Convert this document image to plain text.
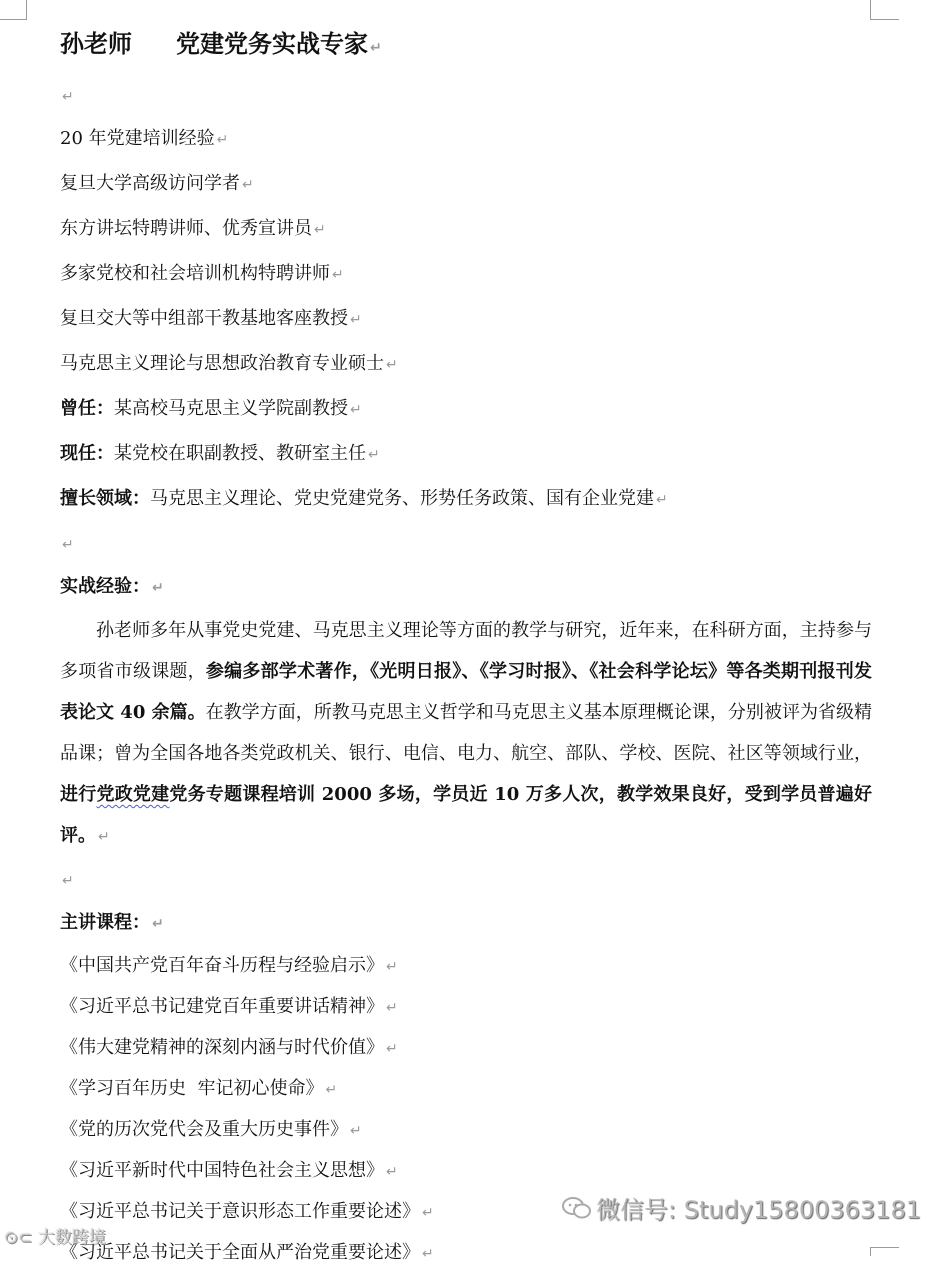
孙老师 党建党务实战专家 ↵
↵
20 年党建培训经验 ↵
复旦大学高级访问学者 ↵
东方讲坛特聘讲师、优秀宣讲员 ↵
多家党校和社会培训机构特聘讲师 ↵
复旦交大等中组部干教基地客座教授 ↵
马克思主义理论与思想政治教育专业硕士 ↵
曾任：某高校马克思主义学院副教授 ↵
现任：某党校在职副教授、教研室主任 ↵
擅长领域：马克思主义理论、党史党建党务、形势任务政策、国有企业党建 ↵
↵
实战经验： ↵
孙老师多年从事党史党建、马克思主义理论等方面的教学与研究，近年来，在科研方面，主持参与多项省市级课题，参编多部学术著作，《光明日报》、《学习时报》、《社会科学论坛》等各类期刊报刊发表论文 40 余篇。在教学方面，所教马克思主义哲学和马克思主义基本原理概论课，分别被评为省级精品课；曾为全国各地各类党政机关、银行、电信、电力、航空、部队、学校、医院、社区等领域行业，进行党政党建党务专题课程培训 2000 多场，学员近 10 万多人次，教学效果良好，受到学员普遍好评。 ↵
↵
主讲课程： ↵
《中国共产党百年奋斗历程与经验启示》 ↵
《习近平总书记建党百年重要讲话精神》 ↵
《伟大建党精神的深刻内涵与时代价值》 ↵
《学习百年历史  牢记初心使命》 ↵
《党的历次党代会及重大历史事件》 ↵
《习近平新时代中国特色社会主义思想》 ↵
《习近平总书记关于意识形态工作重要论述》 ↵
《习近平总书记关于全面从严治党重要论述》 ↵
⊙⊂ 大数跨境
微信号: Study15800363181
